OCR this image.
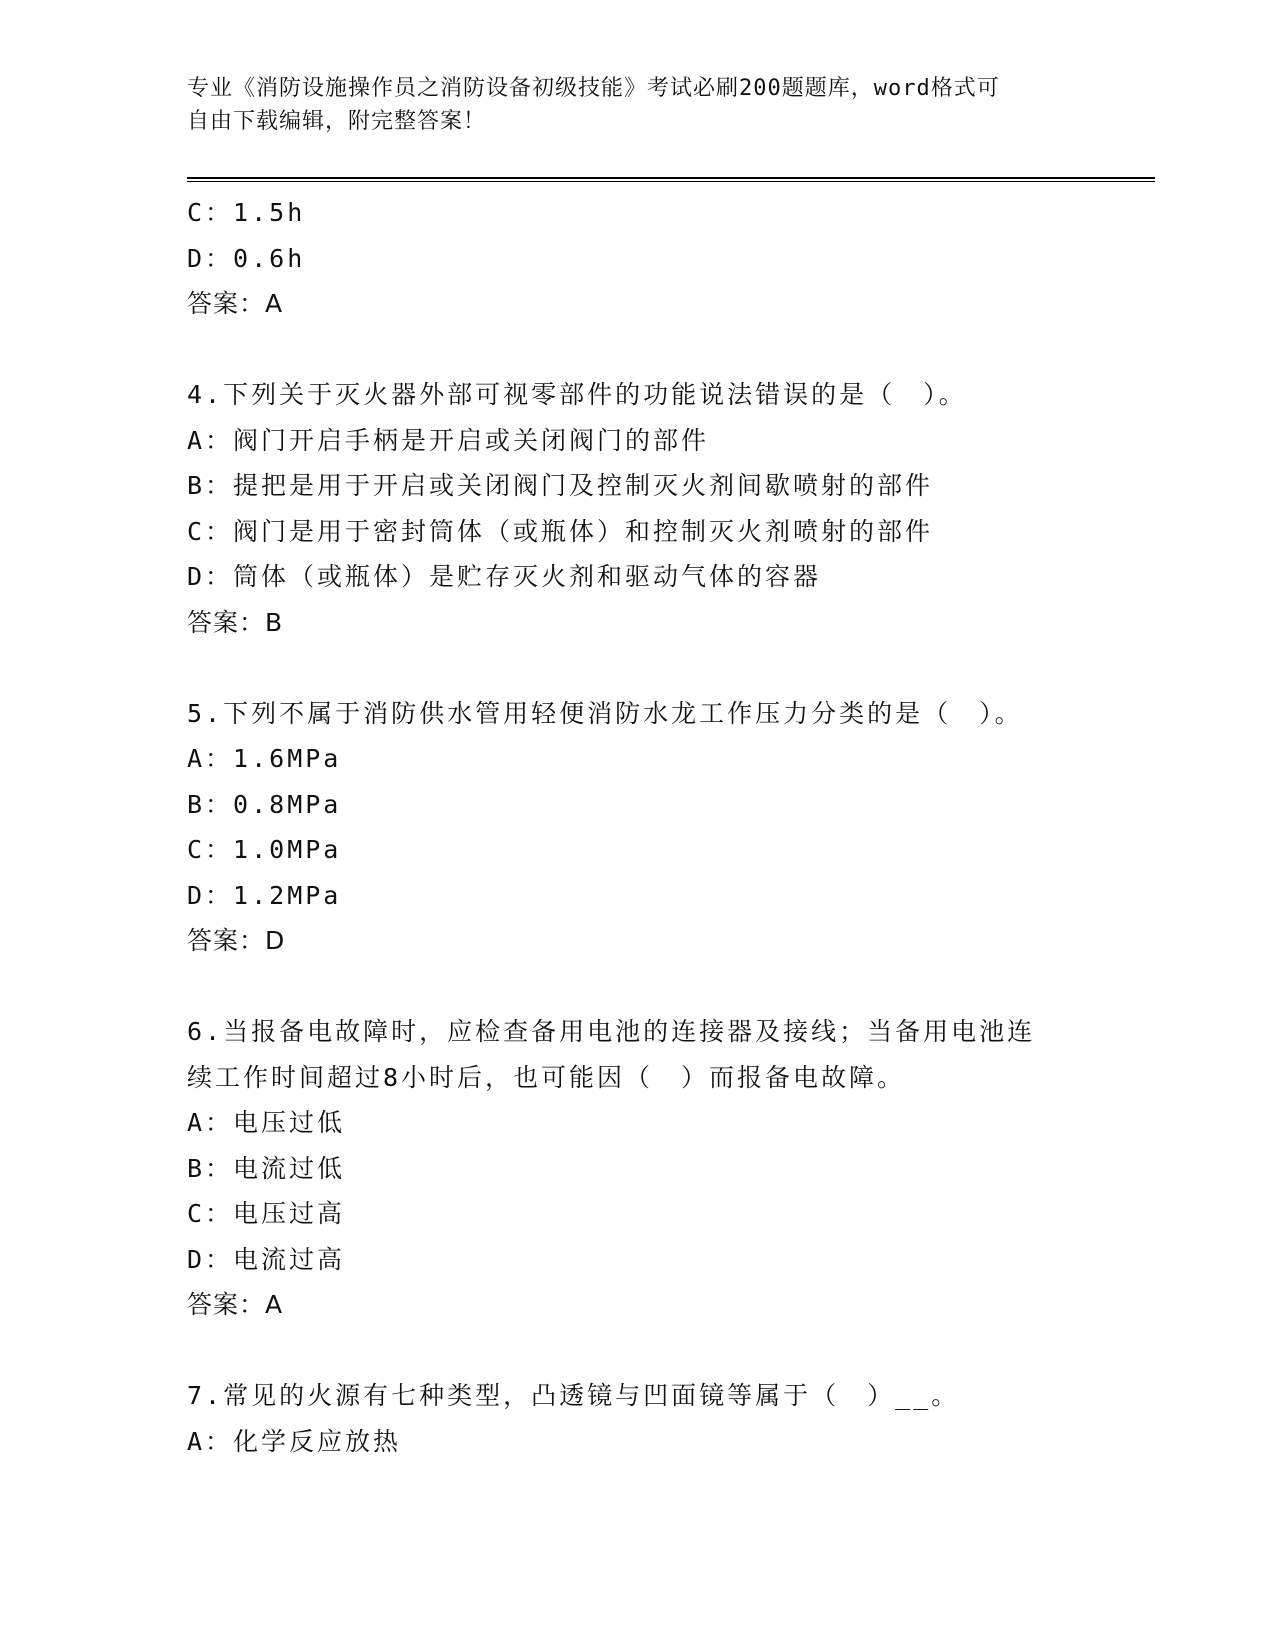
专业《消防设施操作员之消防设备初级技能》考试必刷200题题库，word格式可
自由下载编辑，附完整答案！
C：1.5h
D：0.6h
答案：A
4.下列关于灭火器外部可视零部件的功能说法错误的是（　）。
A：阀门开启手柄是开启或关闭阀门的部件
B：提把是用于开启或关闭阀门及控制灭火剂间歇喷射的部件
C：阀门是用于密封筒体（或瓶体）和控制灭火剂喷射的部件
D：筒体（或瓶体）是贮存灭火剂和驱动气体的容器
答案：B
5.下列不属于消防供水管用轻便消防水龙工作压力分类的是（　）。
A：1.6MPa
B：0.8MPa
C：1.0MPa
D：1.2MPa
答案：D
6.当报备电故障时，应检查备用电池的连接器及接线；当备用电池连
续工作时间超过8小时后，也可能因（　）而报备电故障。
A：电压过低
B：电流过低
C：电压过高
D：电流过高
答案：A
7.常见的火源有七种类型，凸透镜与凹面镜等属于（　）__。
A：化学反应放热
